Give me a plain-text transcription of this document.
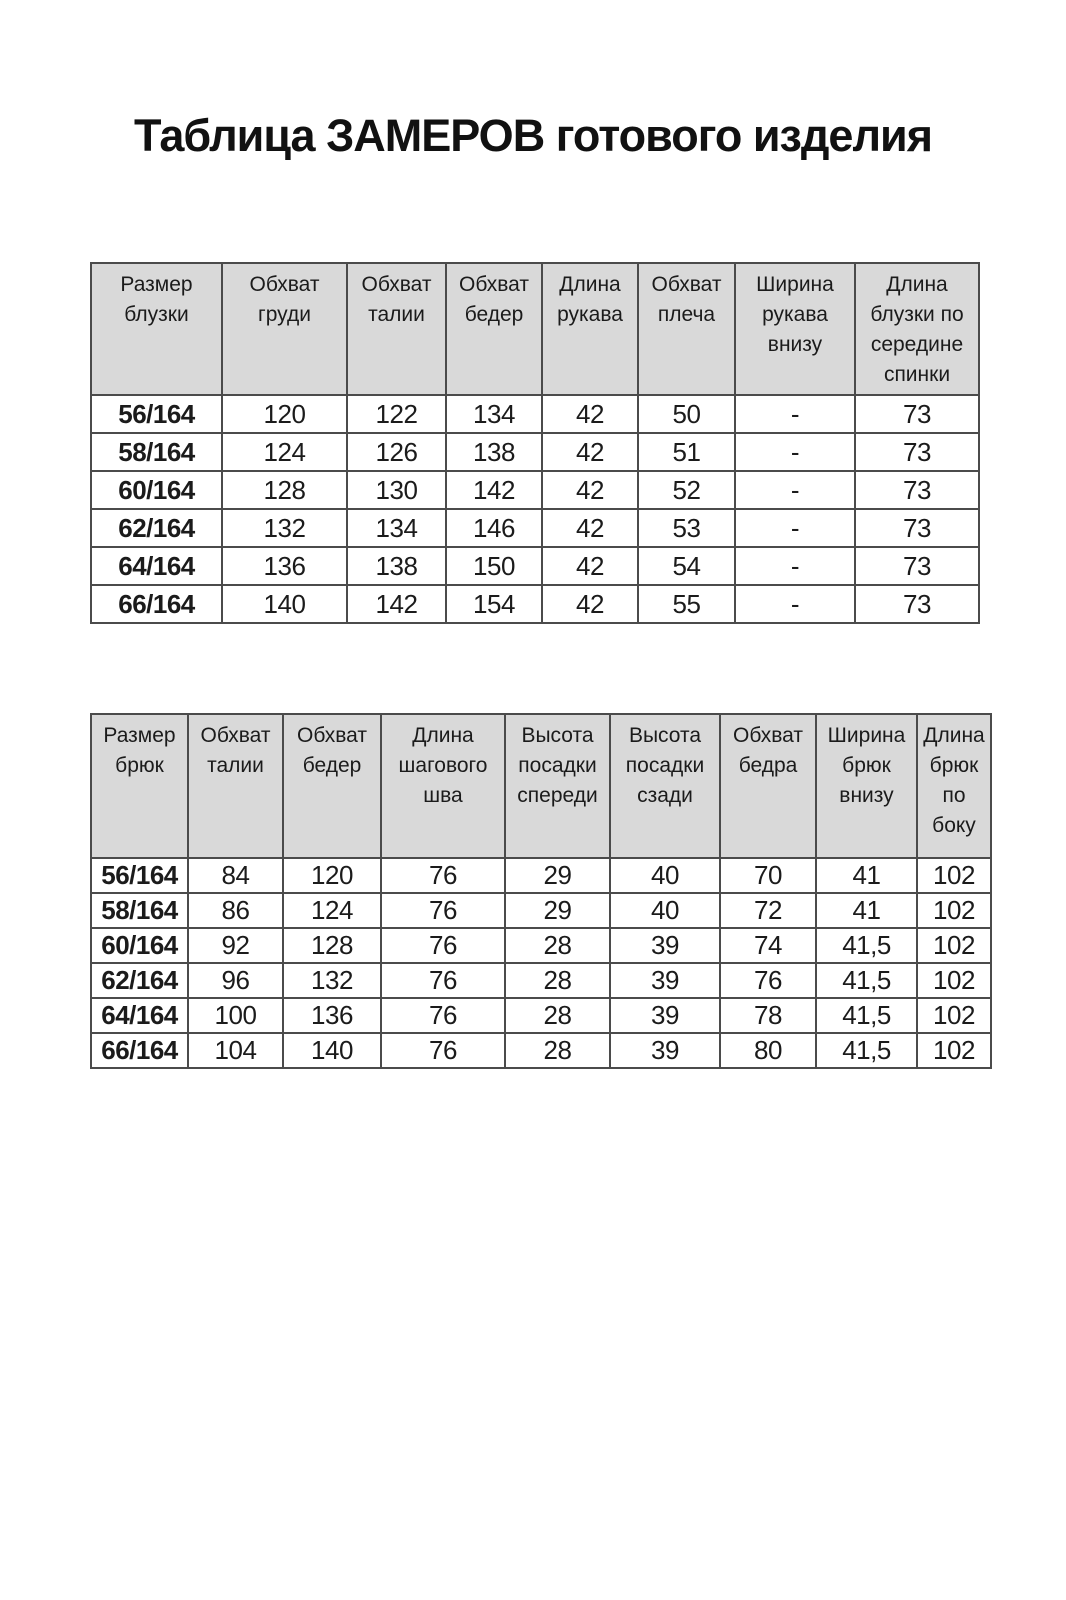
Таблица ЗАМЕРОВ готового изделия
Размер блузки	Обхват груди	Обхват талии	Обхват бедер	Длина рукава	Обхват плеча	Ширина рукава внизу	Длина блузки по середине спинки
56/164	120	122	134	42	50	-	73
58/164	124	126	138	42	51	-	73
60/164	128	130	142	42	52	-	73
62/164	132	134	146	42	53	-	73
64/164	136	138	150	42	54	-	73
66/164	140	142	154	42	55	-	73
Размер брюк	Обхват талии	Обхват бедер	Длина шагового шва	Высота посадки спереди	Высота посадки сзади	Обхват бедра	Ширина брюк внизу	Длина брюк по боку
56/164	84	120	76	29	40	70	41	102
58/164	86	124	76	29	40	72	41	102
60/164	92	128	76	28	39	74	41,5	102
62/164	96	132	76	28	39	76	41,5	102
64/164	100	136	76	28	39	78	41,5	102
66/164	104	140	76	28	39	80	41,5	102
